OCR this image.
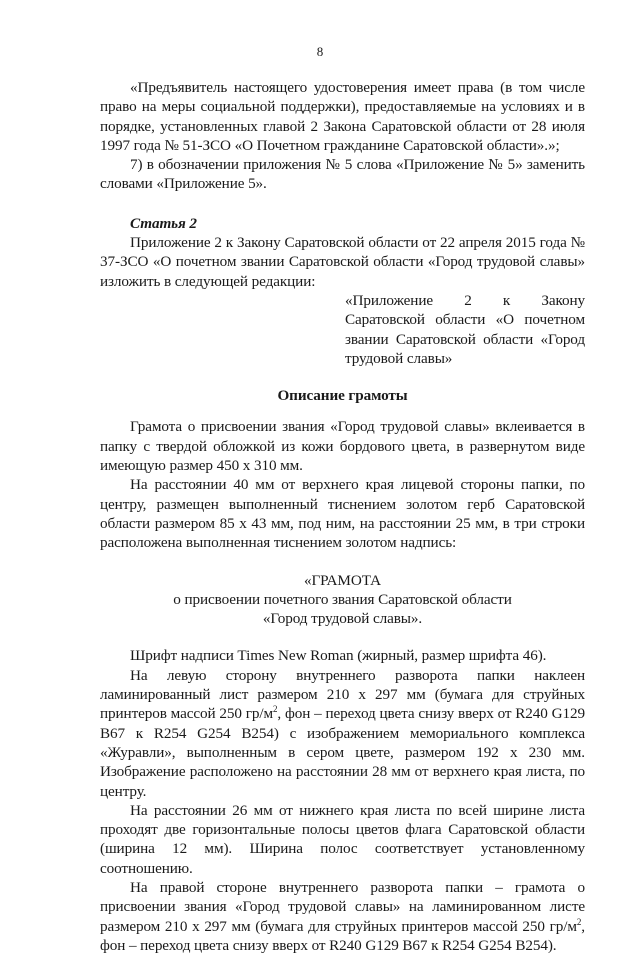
8

«Предъявитель настоящего удостоверения имеет права (в том числе право на меры социальной поддержки), предоставляемые на условиях и в порядке, установленных главой 2 Закона Саратовской области от 28 июля 1997 года № 51-ЗСО «О Почетном гражданине Саратовской области».»;

7) в обозначении приложения № 5 слова «Приложение № 5» заменить словами «Приложение 5».

Статья 2

Приложение 2 к Закону Саратовской области от 22 апреля 2015 года № 37-ЗСО «О почетном звании Саратовской области «Город трудовой славы» изложить в следующей редакции:

«Приложение 2 к Закону Саратовской области «О почетном звании Саратовской области «Город трудовой славы»

Описание грамоты

Грамота о присвоении звания «Город трудовой славы» вклеивается в папку с твердой обложкой из кожи бордового цвета, в развернутом виде имеющую размер 450 х 310 мм.

На расстоянии 40 мм от верхнего края лицевой стороны папки, по центру, размещен выполненный тиснением золотом герб Саратовской области размером 85 х 43 мм, под ним, на расстоянии 25 мм, в три строки расположена выполненная тиснением золотом надпись:

«ГРАМОТА

о присвоении почетного звания Саратовской области

«Город трудовой славы».

Шрифт надписи Times New Roman (жирный, размер шрифта 46).

На левую сторону внутреннего разворота папки наклеен ламинированный лист размером 210 х 297 мм (бумага для струйных принтеров массой 250 $гр/м^2$, фон – переход цвета снизу вверх от R240 G129 B67 к R254 G254 B254) с изображением мемориального комплекса «Журавли», выполненным в сером цвете, размером 192 х 230 мм. Изображение расположено на расстоянии 28 мм от верхнего края листа, по центру.

На расстоянии 26 мм от нижнего края листа по всей ширине листа проходят две горизонтальные полосы цветов флага Саратовской области (ширина 12 мм). Ширина полос соответствует установленному соотношению.

На правой стороне внутреннего разворота папки – грамота о присвоении звания «Город трудовой славы» на ламинированном листе размером 210 х 297 мм (бумага для струйных принтеров массой 250 $гр/м^2$, фон – переход цвета снизу вверх от R240 G129 B67 к R254 G254 B254).
